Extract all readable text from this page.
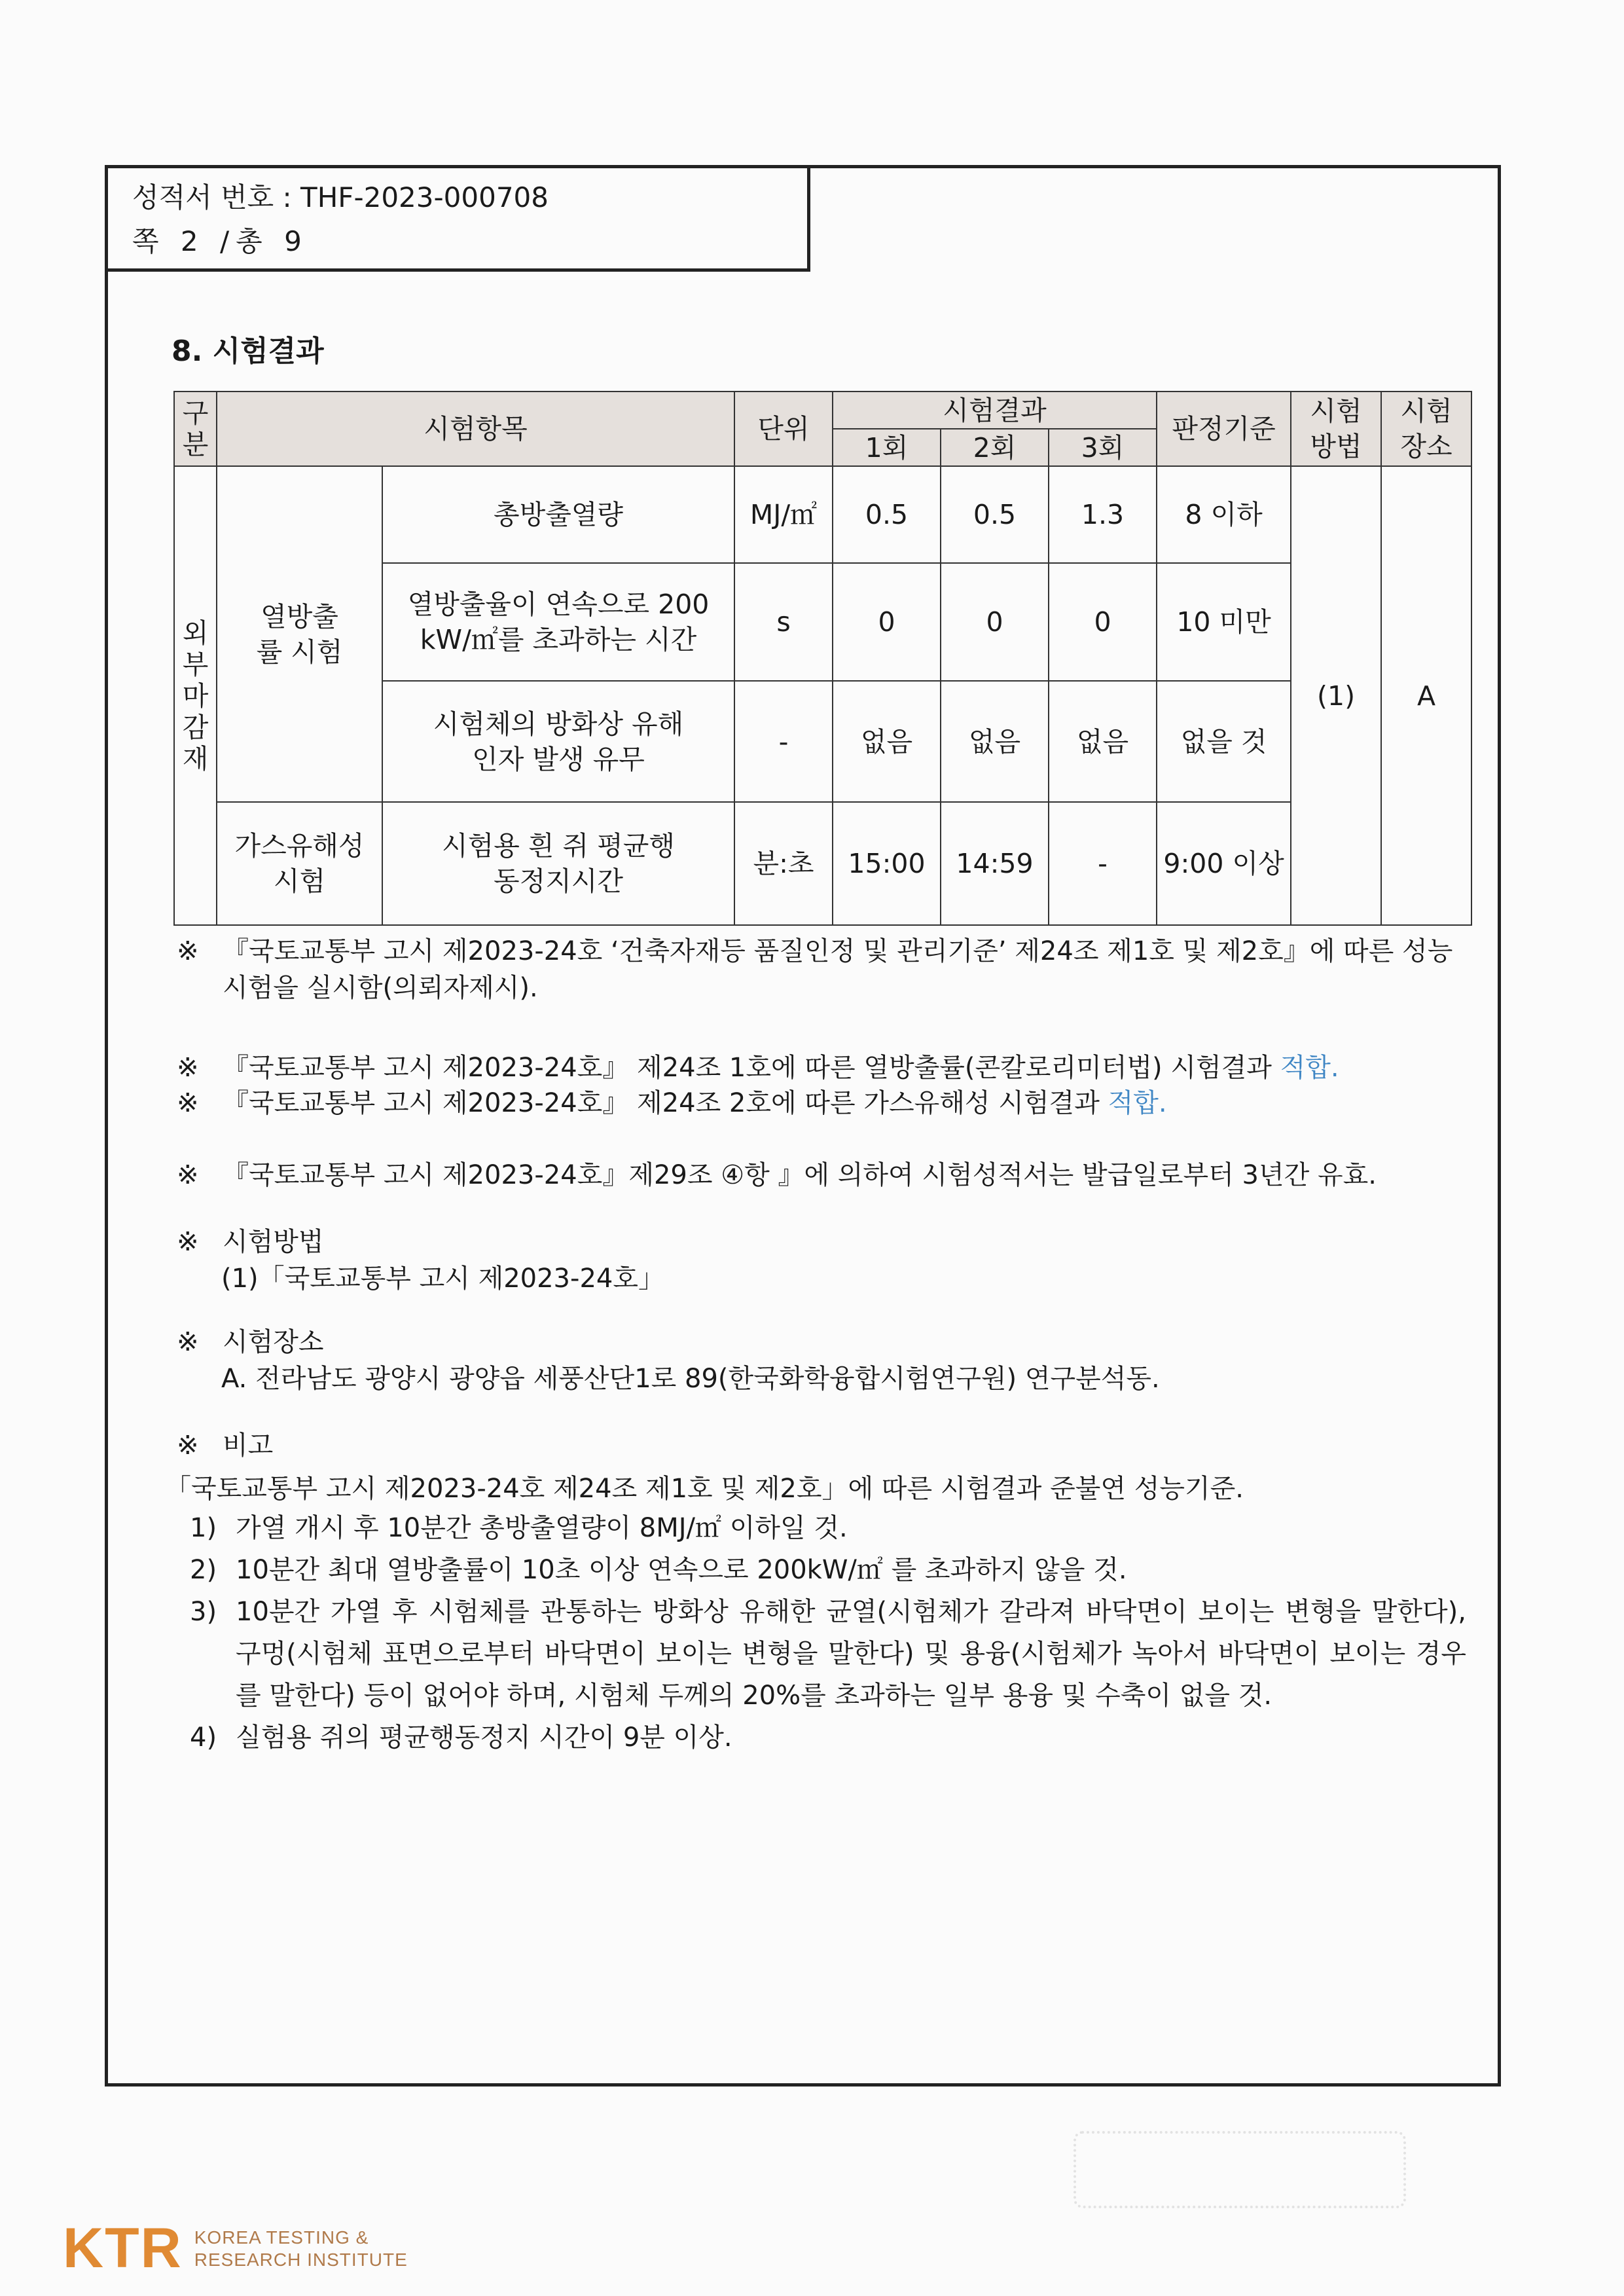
성적서 번호 : THF-2023-000708
쪽 2 /총 9
8. 시험결과
구분	시험항목		단위	시험결과			판정기준	시험방법	시험장소
				1회	2회	3회			
외부마감재	열방출률 시험	총방출열량	MJ/㎡	0.5	0.5	1.3	8 이하	(1)	A
		열방출율이 연속으로 200 kW/㎡를 초과하는 시간	s	0	0	0	10 미만		
		시험체의 방화상 유해인자 발생 유무	-	없음	없음	없음	없을 것		
	가스유해성 시험	시험용 흰 쥐 평균행동정지시간	분:초	15:00	14:59	-	9:00 이상		
※ 『국토교통부 고시 제2023-24호 ‘건축자재등 품질인정 및 관리기준’ 제24조 제1호 및 제2호』에 따른 성능시험을 실시함(의뢰자제시).
※ 『국토교통부 고시 제2023-24호』 제24조 1호에 따른 열방출률(콘칼로리미터법) 시험결과 적합.
※ 『국토교통부 고시 제2023-24호』 제24조 2호에 따른 가스유해성 시험결과 적합.
※ 『국토교통부 고시 제2023-24호』제29조 ④항 』에 의하여 시험성적서는 발급일로부터 3년간 유효.
※ 시험방법
(1)「국토교통부 고시 제2023-24호」
※ 시험장소
A. 전라남도 광양시 광양읍 세풍산단1로 89(한국화학융합시험연구원) 연구분석동.
※ 비고
「국토교통부 고시 제2023-24호 제24조 제1호 및 제2호」에 따른 시험결과 준불연 성능기준.
1) 가열 개시 후 10분간 총방출열량이 8MJ/㎡ 이하일 것.
2) 10분간 최대 열방출률이 10초 이상 연속으로 200kW/㎡ 를 초과하지 않을 것.
3) 10분간 가열 후 시험체를 관통하는 방화상 유해한 균열(시험체가 갈라져 바닥면이 보이는 변형을 말한다), 구멍(시험체 표면으로부터 바닥면이 보이는 변형을 말한다) 및 용융(시험체가 녹아서 바닥면이 보이는 경우를 말한다) 등이 없어야 하며, 시험체 두께의 20%를 초과하는 일부 용융 및 수축이 없을 것.
4) 실험용 쥐의 평균행동정지 시간이 9분 이상.
KTR KOREA TESTING &
RESEARCH INSTITUTE
